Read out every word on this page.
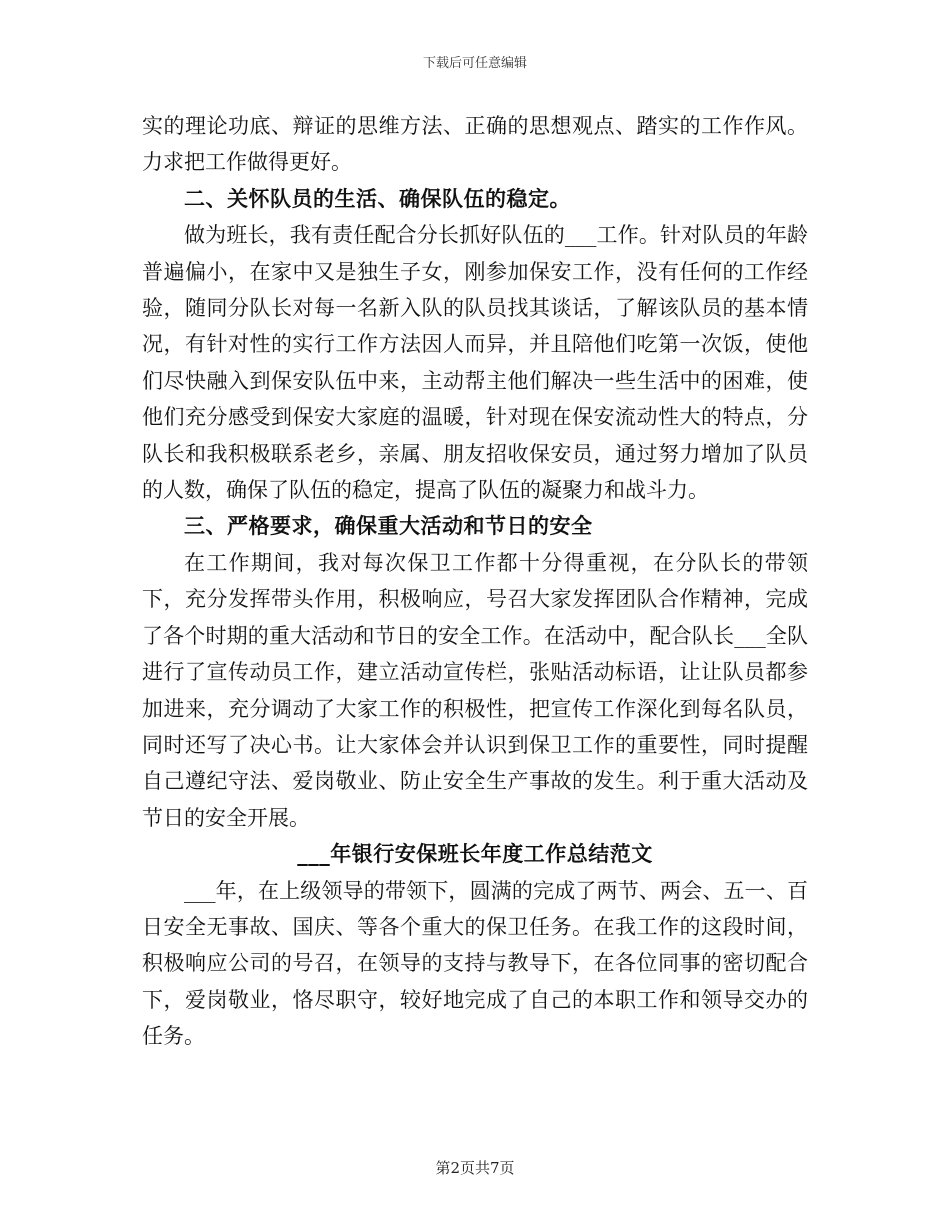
下载后可任意编辑

实的理论功底、辩证的思维方法、正确的思想观点、踏实的工作作风。力求把工作做得更好。

二、关怀队员的生活、确保队伍的稳定。

做为班长，我有责任配合分长抓好队伍的___工作。针对队员的年龄普遍偏小，在家中又是独生子女，刚参加保安工作，没有任何的工作经验，随同分队长对每一名新入队的队员找其谈话，了解该队员的基本情况，有针对性的实行工作方法因人而异，并且陪他们吃第一次饭，使他们尽快融入到保安队伍中来，主动帮主他们解决一些生活中的困难，使他们充分感受到保安大家庭的温暖，针对现在保安流动性大的特点，分队长和我积极联系老乡，亲属、朋友招收保安员，通过努力增加了队员的人数，确保了队伍的稳定，提高了队伍的凝聚力和战斗力。

三、严格要求，确保重大活动和节日的安全

在工作期间，我对每次保卫工作都十分得重视，在分队长的带领下，充分发挥带头作用，积极响应，号召大家发挥团队合作精神，完成了各个时期的重大活动和节日的安全工作。在活动中，配合队长___全队进行了宣传动员工作，建立活动宣传栏，张贴活动标语，让让队员都参加进来，充分调动了大家工作的积极性，把宣传工作深化到每名队员，同时还写了决心书。让大家体会并认识到保卫工作的重要性，同时提醒自己遵纪守法、爱岗敬业、防止安全生产事故的发生。利于重大活动及节日的安全开展。

___年银行安保班长年度工作总结范文

___年，在上级领导的带领下，圆满的完成了两节、两会、五一、百日安全无事故、国庆、等各个重大的保卫任务。在我工作的这段时间，积极响应公司的号召，在领导的支持与教导下，在各位同事的密切配合下，爱岗敬业，恪尽职守，较好地完成了自己的本职工作和领导交办的任务。

第2页共7页
